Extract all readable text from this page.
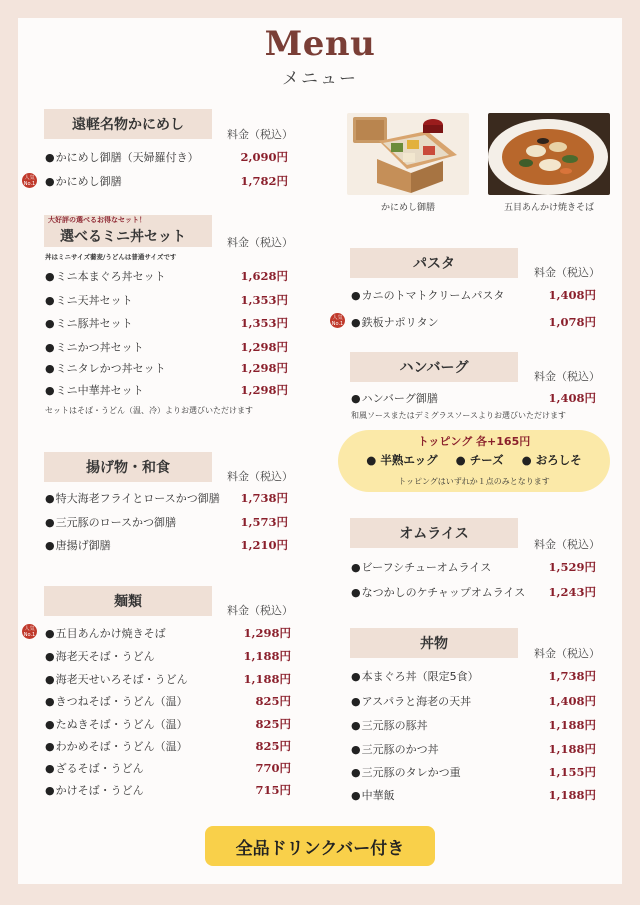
Menu
メニュー
遠軽名物かにめし
料金（税込）
●かにめし御膳（天婦羅付き）	2,090円
人気 No.1 ●かにめし御膳	1,782円
大好評の選べるお得なセット！
選べるミニ丼セット	料金（税込）
丼はミニサイズ蕎麦/うどんは普通サイズです
●ミニ本まぐろ丼セット	1,628円
●ミニ天丼セット	1,353円
●ミニ豚丼セット	1,353円
●ミニかつ丼セット	1,298円
●ミニタレかつ丼セット	1,298円
●ミニ中華丼セット	1,298円
セットはそば・うどん（温、冷）よりお選びいただけます
揚げ物・和食
料金（税込）
●特大海老フライとロースかつ御膳	1,738円
●三元豚のロースかつ御膳	1,573円
●唐揚げ御膳	1,210円
麺類
料金（税込）
人気 No.1 ●五目あんかけ焼きそば	1,298円
●海老天そば・うどん	1,188円
●海老天せいろそば・うどん	1,188円
●きつねそば・うどん（温）	825円
●たぬきそば・うどん（温）	825円
●わかめそば・うどん（温）	825円
●ざるそば・うどん	770円
●かけそば・うどん	715円
かにめし御膳	五目あんかけ焼きそば
パスタ
料金（税込）
●カニのトマトクリームパスタ	1,408円
人気 No.1 ●鉄板ナポリタン	1,078円
ハンバーグ
料金（税込）
●ハンバーグ御膳	1,408円
和風ソースまたはデミグラスソースよりお選びいただけます
トッピング 各+165円
● 半熟エッグ ● チーズ ● おろしそ
トッピングはいずれか１点のみとなります
オムライス
料金（税込）
●ビーフシチューオムライス	1,529円
●なつかしのケチャップオムライス	1,243円
丼物
料金（税込）
●本まぐろ丼（限定5食）	1,738円
●アスパラと海老の天丼	1,408円
●三元豚の豚丼	1,188円
●三元豚のかつ丼	1,188円
●三元豚のタレかつ重	1,155円
●中華飯	1,188円
全品ドリンクバー付き
